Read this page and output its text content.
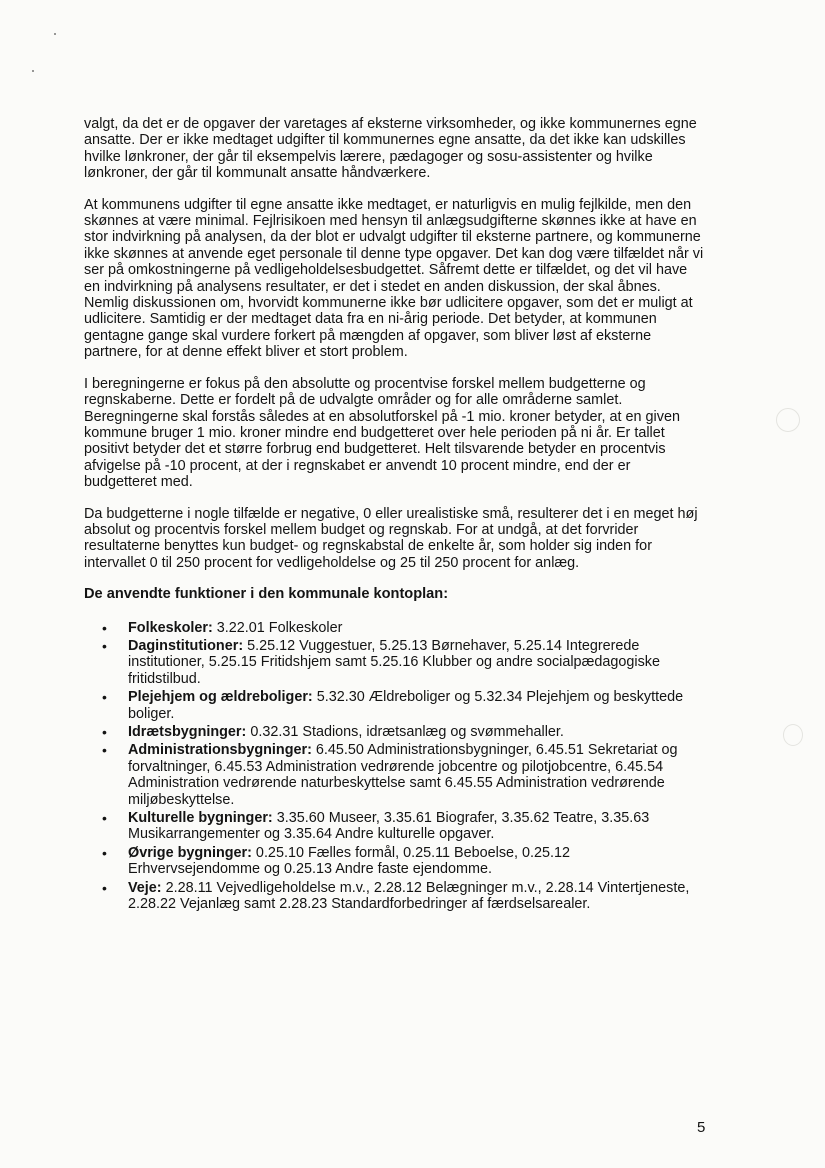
valgt, da det er de opgaver der varetages af eksterne virksomheder, og ikke kommunernes egne ansatte. Der er ikke medtaget udgifter til kommunernes egne ansatte, da det ikke kan udskilles hvilke lønkroner, der går til eksempelvis lærere, pædagoger og sosu-assistenter og hvilke lønkroner, der går til kommunalt ansatte håndværkere.

At kommunens udgifter til egne ansatte ikke medtaget, er naturligvis en mulig fejlkilde, men den skønnes at være minimal. Fejlrisikoen med hensyn til anlægsudgifterne skønnes ikke at have en stor indvirkning på analysen, da der blot er udvalgt udgifter til eksterne partnere, og kommunerne ikke skønnes at anvende eget personale til denne type opgaver. Det kan dog være tilfældet når vi ser på omkostningerne på vedligeholdelsesbudgettet. Såfremt dette er tilfældet, og det vil have en indvirkning på analysens resultater, er det i stedet en anden diskussion, der skal åbnes. Nemlig diskussionen om, hvorvidt kommunerne ikke bør udlicitere opgaver, som det er muligt at udlicitere. Samtidig er der medtaget data fra en ni-årig periode. Det betyder, at kommunen gentagne gange skal vurdere forkert på mængden af opgaver, som bliver løst af eksterne partnere, for at denne effekt bliver et stort problem.

I beregningerne er fokus på den absolutte og procentvise forskel mellem budgetterne og regnskaberne. Dette er fordelt på de udvalgte områder og for alle områderne samlet. Beregningerne skal forstås således at en absolutforskel på -1 mio. kroner betyder, at en given kommune bruger 1 mio. kroner mindre end budgetteret over hele perioden på ni år. Er tallet positivt betyder det et større forbrug end budgetteret. Helt tilsvarende betyder en procentvis afvigelse på -10 procent, at der i regnskabet er anvendt 10 procent mindre, end der er budgetteret med.

Da budgetterne i nogle tilfælde er negative, 0 eller urealistiske små, resulterer det i en meget høj absolut og procentvis forskel mellem budget og regnskab. For at undgå, at det forvrider resultaterne benyttes kun budget- og regnskabstal de enkelte år, som holder sig inden for intervallet 0 til 250 procent for vedligeholdelse og 25 til 250 procent for anlæg.

De anvendte funktioner i den kommunale kontoplan:
• Folkeskoler: 3.22.01 Folkeskoler
• Daginstitutioner: 5.25.12 Vuggestuer, 5.25.13 Børnehaver, 5.25.14 Integrerede institutioner, 5.25.15 Fritidshjem samt 5.25.16 Klubber og andre socialpædagogiske fritidstilbud.
• Plejehjem og ældreboliger: 5.32.30 Ældreboliger og 5.32.34 Plejehjem og beskyttede boliger.
• Idrætsbygninger: 0.32.31 Stadions, idrætsanlæg og svømmehaller.
• Administrationsbygninger: 6.45.50 Administrationsbygninger, 6.45.51 Sekretariat og forvaltninger, 6.45.53 Administration vedrørende jobcentre og pilotjobcentre, 6.45.54 Administration vedrørende naturbeskyttelse samt 6.45.55 Administration vedrørende miljøbeskyttelse.
• Kulturelle bygninger: 3.35.60 Museer, 3.35.61 Biografer, 3.35.62 Teatre, 3.35.63 Musikarrangementer og 3.35.64 Andre kulturelle opgaver.
• Øvrige bygninger: 0.25.10 Fælles formål, 0.25.11 Beboelse, 0.25.12 Erhvervsejendomme og 0.25.13 Andre faste ejendomme.
• Veje: 2.28.11 Vejvedligeholdelse m.v., 2.28.12 Belægninger m.v., 2.28.14 Vintertjeneste, 2.28.22 Vejanlæg samt 2.28.23 Standardforbedringer af færdselsarealer.
5
